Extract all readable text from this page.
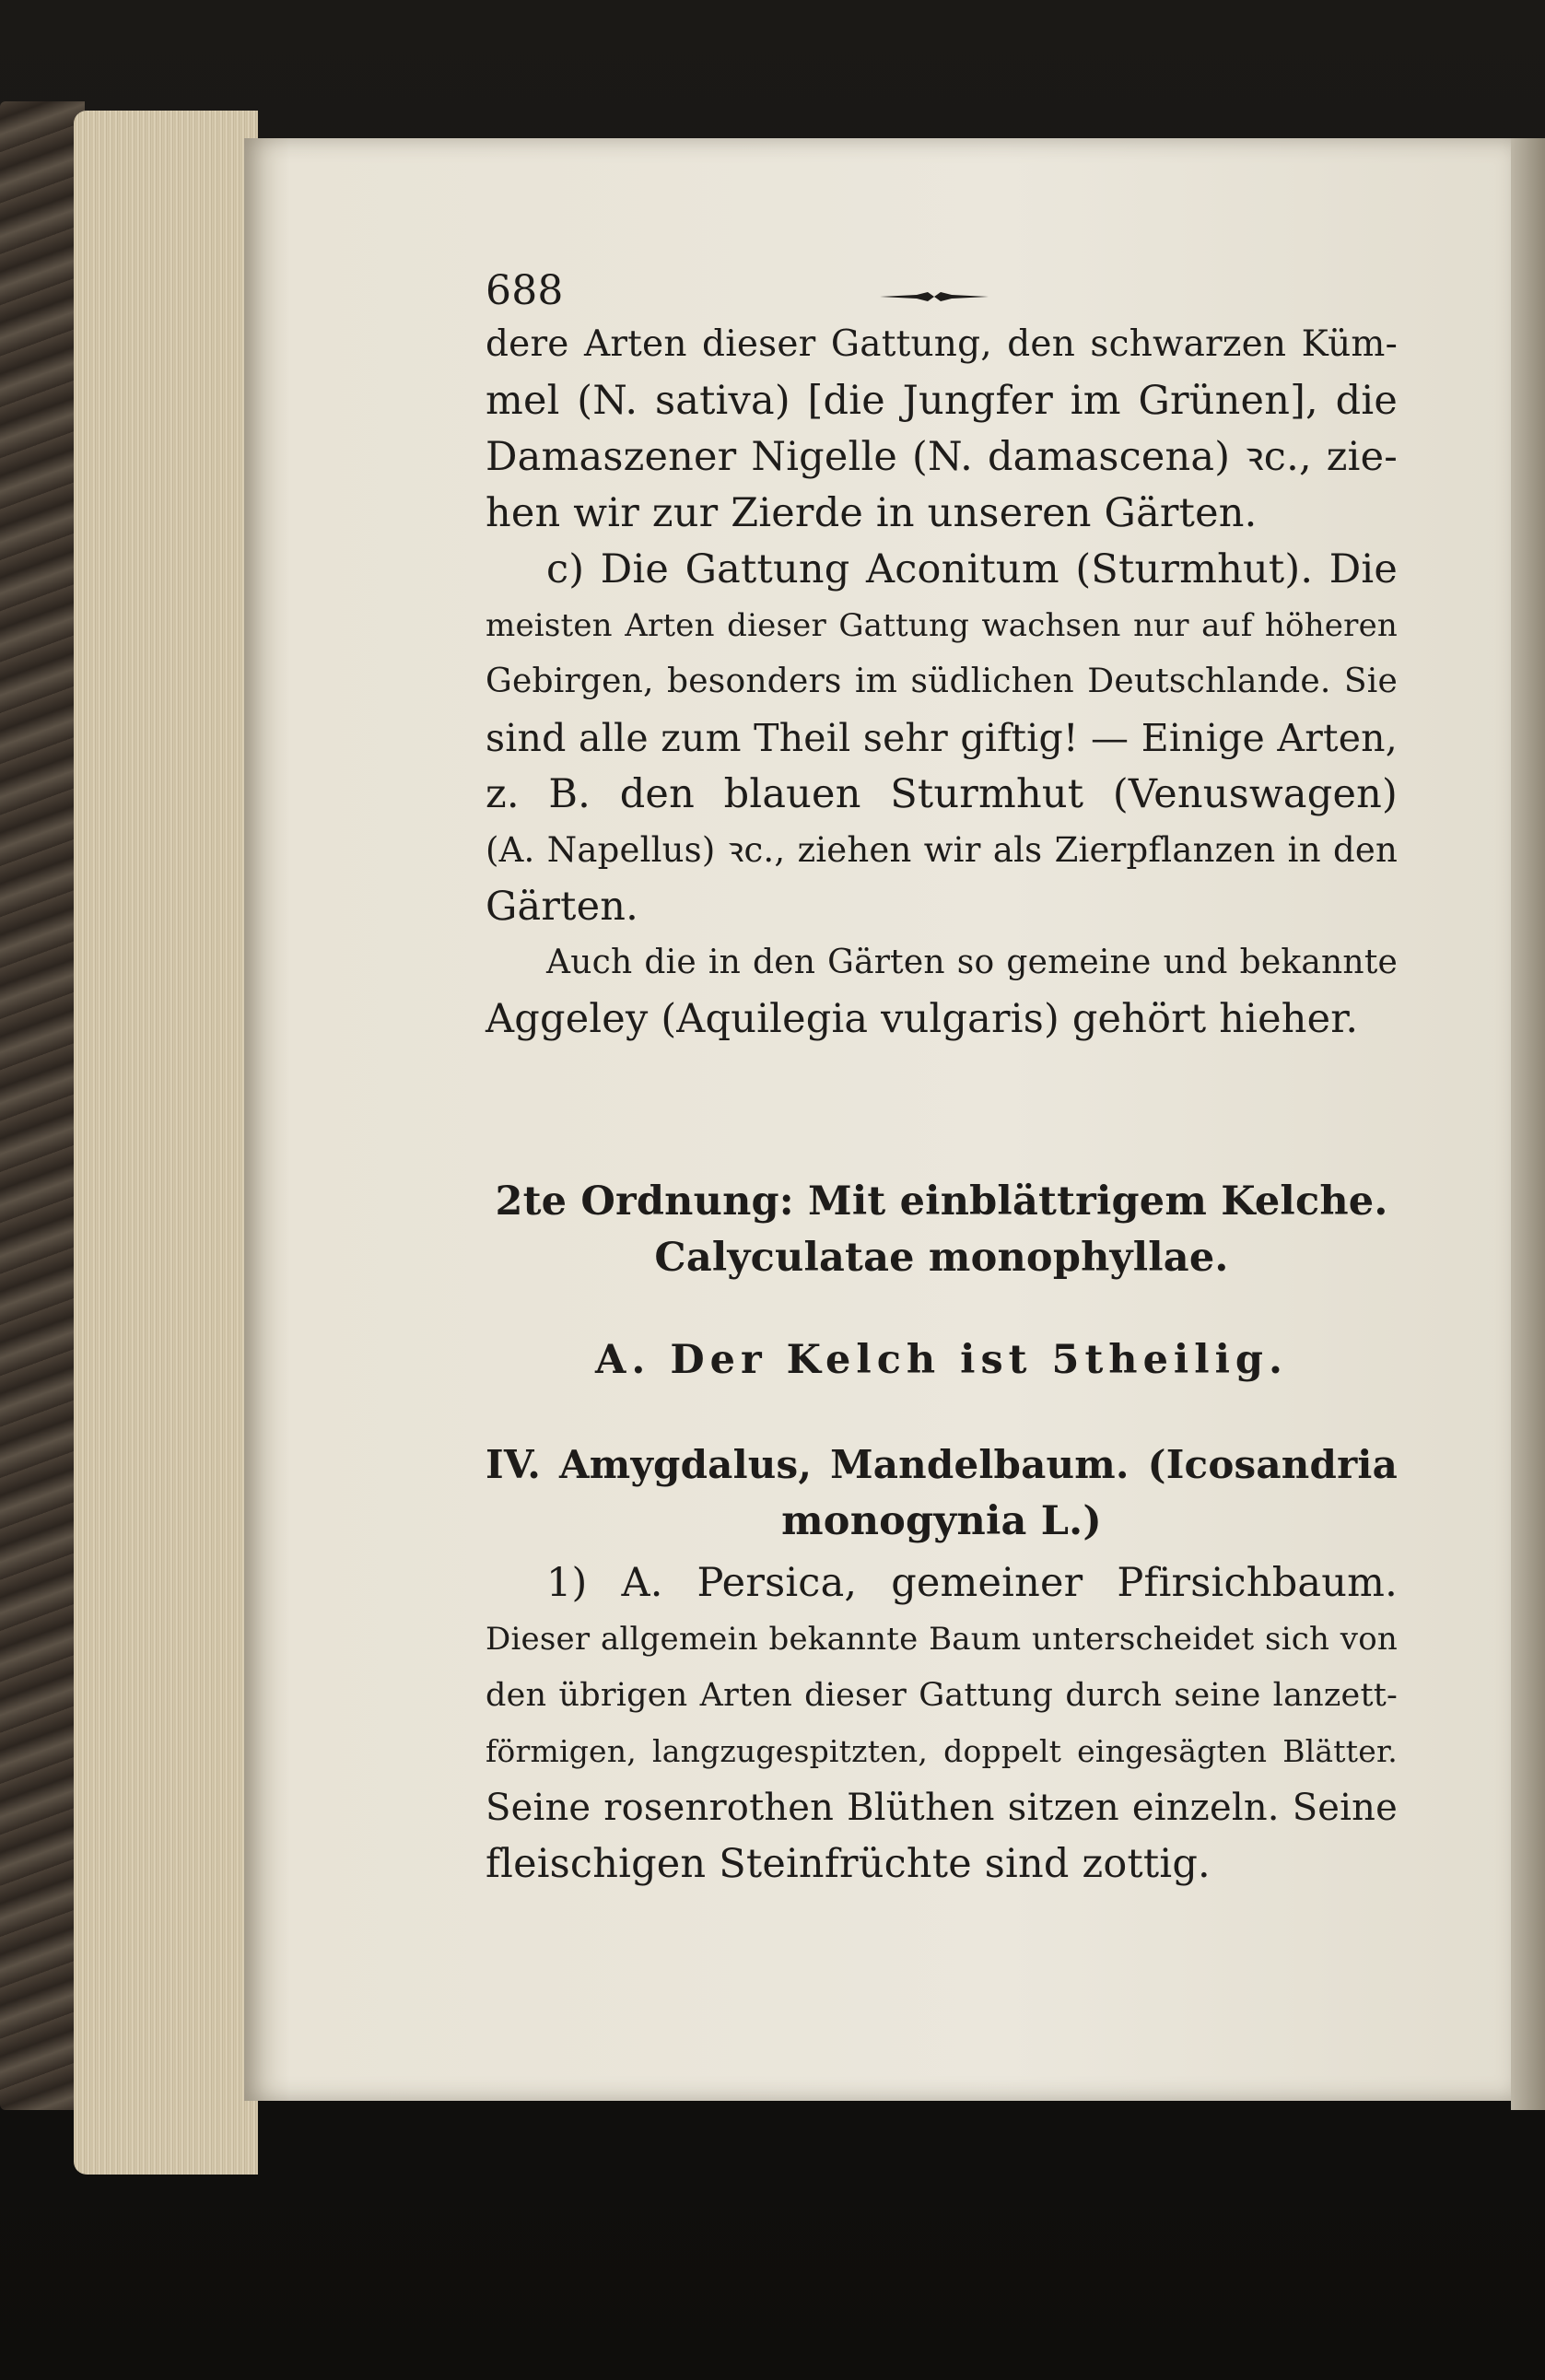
688
dere Arten dieser Gattung, den schwarzen Küm-
mel (N. sativa) [die Jungfer im Grünen], die
Damaszener Nigelle (N. damascena) ꝛc., zie-
hen wir zur Zierde in unseren Gärten.
c) Die Gattung Aconitum (Sturmhut). Die
meisten Arten dieser Gattung wachsen nur auf höheren
Gebirgen, besonders im südlichen Deutschlande. Sie
sind alle zum Theil sehr giftig! — Einige Arten,
z. B. den blauen Sturmhut (Venuswagen)
(A. Napellus) ꝛc., ziehen wir als Zierpflanzen in den
Gärten.
Auch die in den Gärten so gemeine und bekannte
Aggeley (Aquilegia vulgaris) gehört hieher.
2te Ordnung: Mit einblättrigem Kelche.
Calyculatae monophyllae.
A. Der Kelch ist 5theilig.
IV. Amygdalus, Mandelbaum. (Icosandria
monogynia L.)
1) A. Persica, gemeiner Pfirsichbaum.
Dieser allgemein bekannte Baum unterscheidet sich von
den übrigen Arten dieser Gattung durch seine lanzett-
förmigen, langzugespitzten, doppelt eingesägten Blätter.
Seine rosenrothen Blüthen sitzen einzeln. Seine
fleischigen Steinfrüchte sind zottig.
